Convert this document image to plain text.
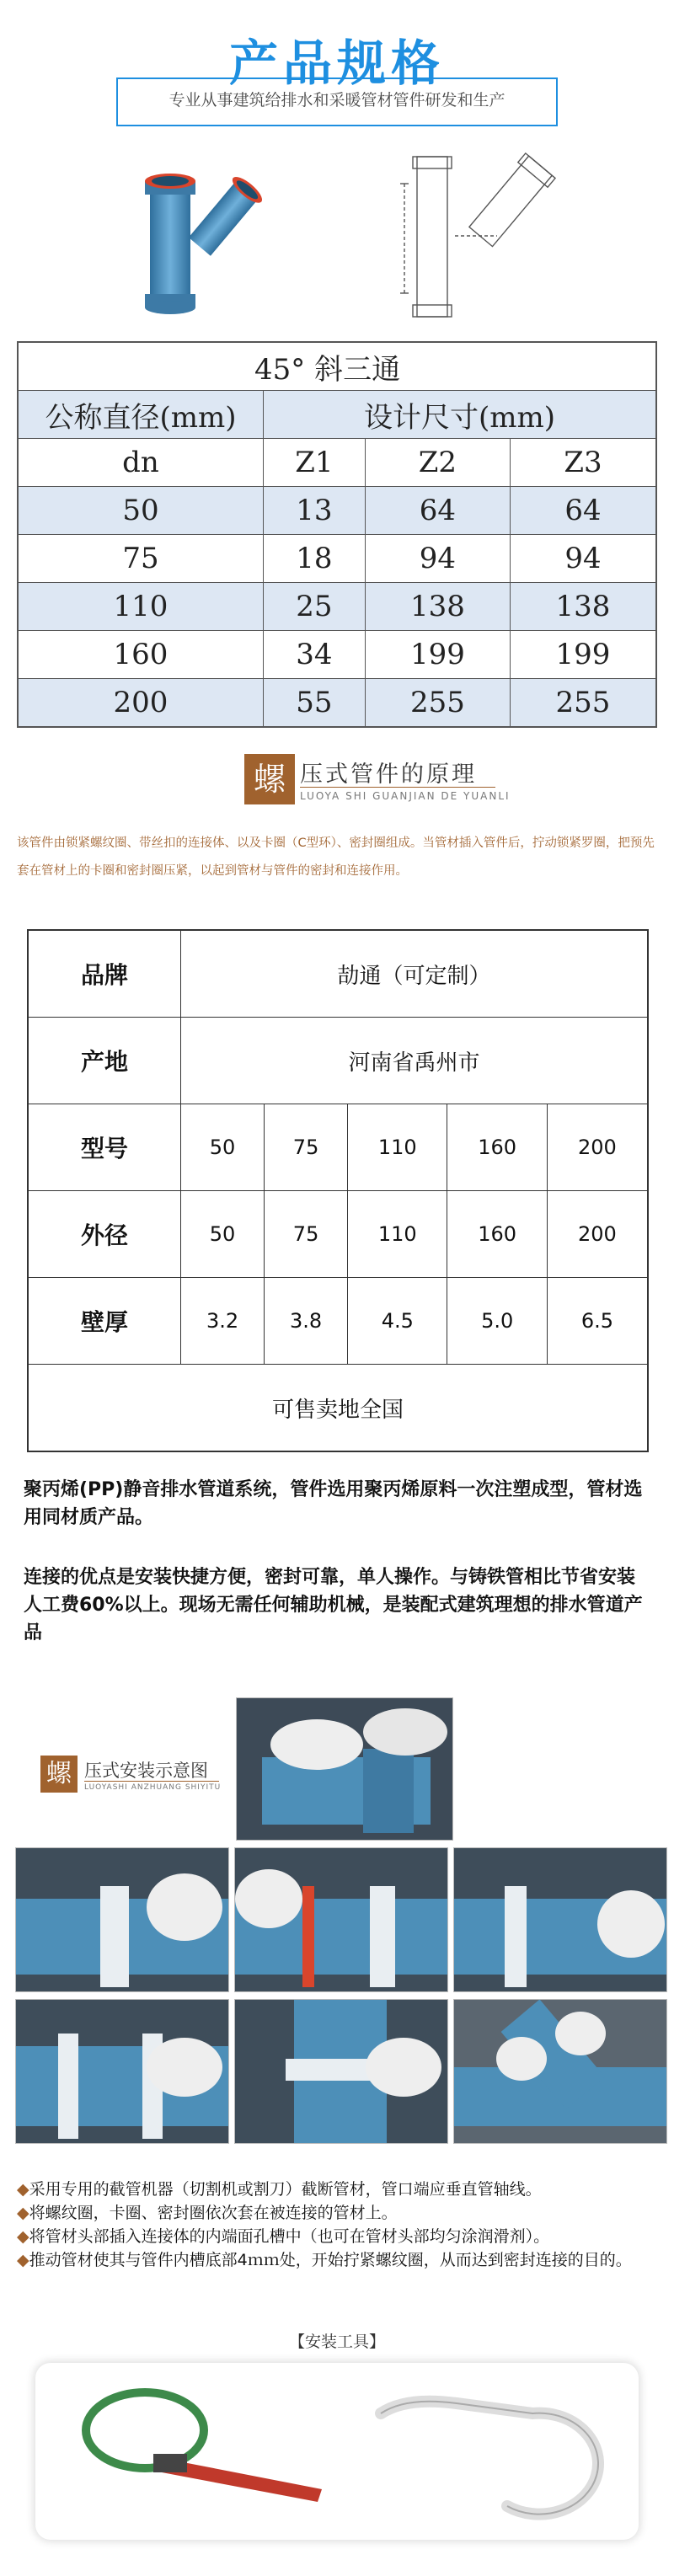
产品规格
专业从事建筑给排水和采暖管材管件研发和生产
45° 斜三通			
公称直径(mm)	设计尺寸(mm)		
dn	Z1	Z2	Z3
50	13	64	64
75	18	94	94
110	25	138	138
160	34	199	199
200	55	255	255
螺 压式管件的原理
LUOYA SHI GUANJIAN DE YUANLI
该管件由锁紧螺纹圈、带丝扣的连接体、以及卡圈（C型环）、密封圈组成。当管材插入管件后，拧动锁紧罗圈，把预先套在管材上的卡圈和密封圈压紧，以起到管材与管件的密封和连接作用。
品牌	劼通（可定制）				
产地	河南省禹州市				
型号	50	75	110	160	200
外径	50	75	110	160	200
壁厚	3.2	3.8	4.5	5.0	6.5
可售卖地全国					
聚丙烯(PP)静音排水管道系统，管件选用聚丙烯原料一次注塑成型，管材选用同材质产品。
连接的优点是安装快捷方便，密封可靠，单人操作。与铸铁管相比节省安装 人工费60%以上。现场无需任何辅助机械，是装配式建筑理想的排水管道产品
螺 压式安装示意图
LUOYASHI ANZHUANG SHIYITU
◆采用专用的截管机器（切割机或割刀）截断管材，管口端应垂直管轴线。
◆将螺纹圈，卡圈、密封圈依次套在被连接的管材上。
◆将管材头部插入连接体的内端面孔槽中（也可在管材头部均匀涂润滑剂）。
◆推动管材使其与管件内槽底部4ｍｍ处，开始拧紧螺纹圈，从而达到密封连接的目的。
【安装工具】
